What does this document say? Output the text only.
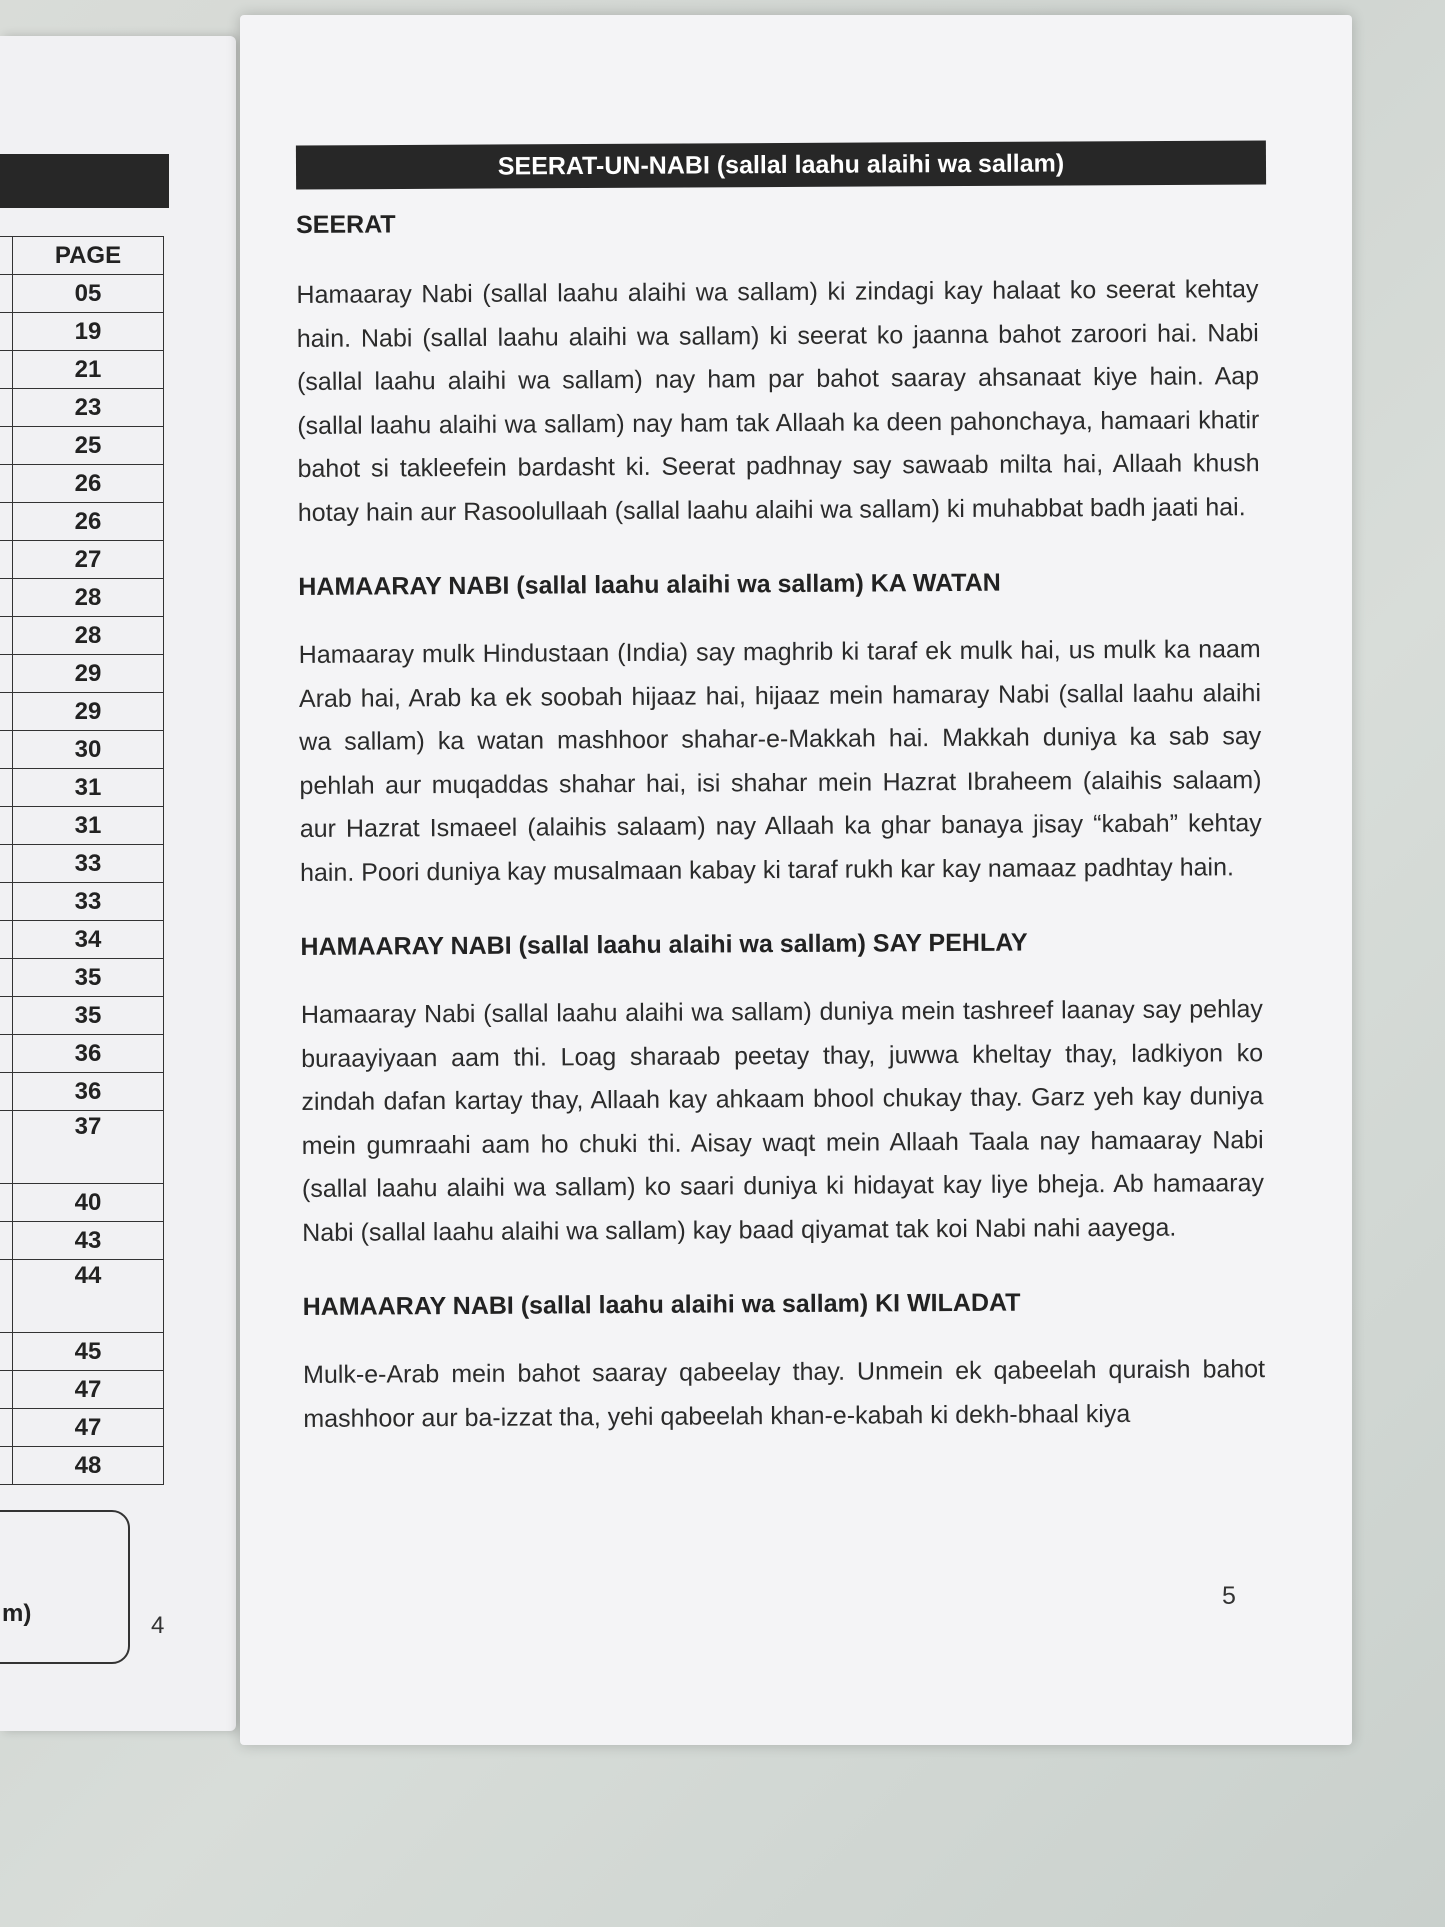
	PAGE
	05
	19
	21
	23
	25
	26
	26
	27
	28
	28
	29
	29
	30
	31
	31
	33
	33
	34
	35
	35
	36
	36
	37
	40
	43
	44
	45
	47
	47
	48
m)	4
SEERAT-UN-NABI (sallal laahu alaihi wa sallam)
SEERAT

Hamaaray Nabi (sallal laahu alaihi wa sallam) ki zindagi kay halaat ko seerat kehtay hain. Nabi (sallal laahu alaihi wa sallam) ki seerat ko jaanna bahot zaroori hai. Nabi (sallal laahu alaihi wa sallam) nay ham par bahot saaray ahsanaat kiye hain. Aap (sallal laahu alaihi wa sallam) nay ham tak Allaah ka deen pahonchaya, hamaari khatir bahot si takleefein bardasht ki. Seerat padhnay say sawaab milta hai, Allaah khush hotay hain aur Rasoolullaah (sallal laahu alaihi wa sallam) ki muhabbat badh jaati hai.

HAMAARAY NABI (sallal laahu alaihi wa sallam) KA WATAN

Hamaaray mulk Hindustaan (India) say maghrib ki taraf ek mulk hai, us mulk ka naam Arab hai, Arab ka ek soobah hijaaz hai, hijaaz mein hamaray Nabi (sallal laahu alaihi wa sallam) ka watan mashhoor shahar-e-Makkah hai. Makkah duniya ka sab say pehlah aur muqaddas shahar hai, isi shahar mein Hazrat Ibraheem (alaihis salaam) aur Hazrat Ismaeel (alaihis salaam) nay Allaah ka ghar banaya jisay “kabah” kehtay hain. Poori duniya kay musalmaan kabay ki taraf rukh kar kay namaaz padhtay hain.

HAMAARAY NABI (sallal laahu alaihi wa sallam) SAY PEHLAY

Hamaaray Nabi (sallal laahu alaihi wa sallam) duniya mein tashreef laanay say pehlay buraayiyaan aam thi. Loag sharaab peetay thay, juwwa kheltay thay, ladkiyon ko zindah dafan kartay thay, Allaah kay ahkaam bhool chukay thay. Garz yeh kay duniya mein gumraahi aam ho chuki thi. Aisay waqt mein Allaah Taala nay hamaaray Nabi (sallal laahu alaihi wa sallam) ko saari duniya ki hidayat kay liye bheja. Ab hamaaray Nabi (sallal laahu alaihi wa sallam) kay baad qiyamat tak koi Nabi nahi aayega.

HAMAARAY NABI (sallal laahu alaihi wa sallam) KI WILADAT

Mulk-e-Arab mein bahot saaray qabeelay thay. Unmein ek qabeelah quraish bahot mashhoor aur ba-izzat tha, yehi qabeelah khan-e-kabah ki dekh-bhaal kiya

5
